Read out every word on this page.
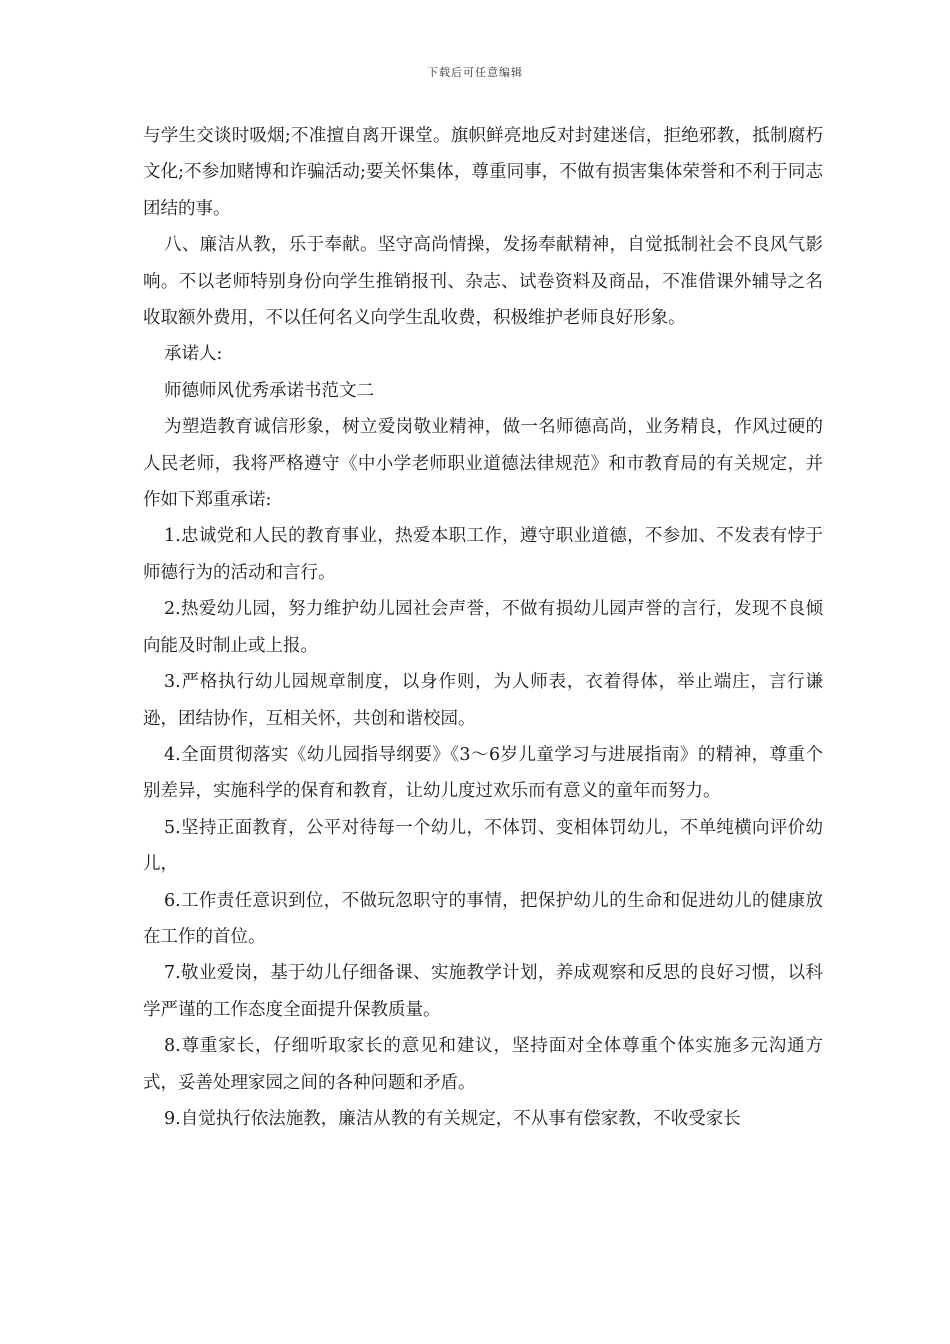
下载后可任意编辑

与学生交谈时吸烟;不准擅自离开课堂。旗帜鲜亮地反对封建迷信，拒绝邪教，抵制腐朽文化;不参加赌博和诈骗活动;要关怀集体，尊重同事，不做有损害集体荣誉和不利于同志团结的事。

八、廉洁从教，乐于奉献。坚守高尚情操，发扬奉献精神，自觉抵制社会不良风气影响。不以老师特别身份向学生推销报刊、杂志、试卷资料及商品，不准借课外辅导之名收取额外费用，不以任何名义向学生乱收费，积极维护老师良好形象。

承诺人:

师德师风优秀承诺书范文二

为塑造教育诚信形象，树立爱岗敬业精神，做一名师德高尚，业务精良，作风过硬的人民老师，我将严格遵守《中小学老师职业道德法律规范》和市教育局的有关规定，并作如下郑重承诺:

1.忠诚党和人民的教育事业，热爱本职工作，遵守职业道德，不参加、不发表有悖于师德行为的活动和言行。

2.热爱幼儿园，努力维护幼儿园社会声誉，不做有损幼儿园声誉的言行，发现不良倾向能及时制止或上报。

3.严格执行幼儿园规章制度，以身作则，为人师表，衣着得体，举止端庄，言行谦逊，团结协作，互相关怀，共创和谐校园。

4.全面贯彻落实《幼儿园指导纲要》《3～6岁儿童学习与进展指南》的精神，尊重个别差异，实施科学的保育和教育，让幼儿度过欢乐而有意义的童年而努力。

5.坚持正面教育，公平对待每一个幼儿，不体罚、变相体罚幼儿，不单纯横向评价幼儿，

6.工作责任意识到位，不做玩忽职守的事情，把保护幼儿的生命和促进幼儿的健康放在工作的首位。

7.敬业爱岗，基于幼儿仔细备课、实施教学计划，养成观察和反思的良好习惯，以科学严谨的工作态度全面提升保教质量。

8.尊重家长，仔细听取家长的意见和建议，坚持面对全体尊重个体实施多元沟通方式，妥善处理家园之间的各种问题和矛盾。

9.自觉执行依法施教，廉洁从教的有关规定，不从事有偿家教，不收受家长
